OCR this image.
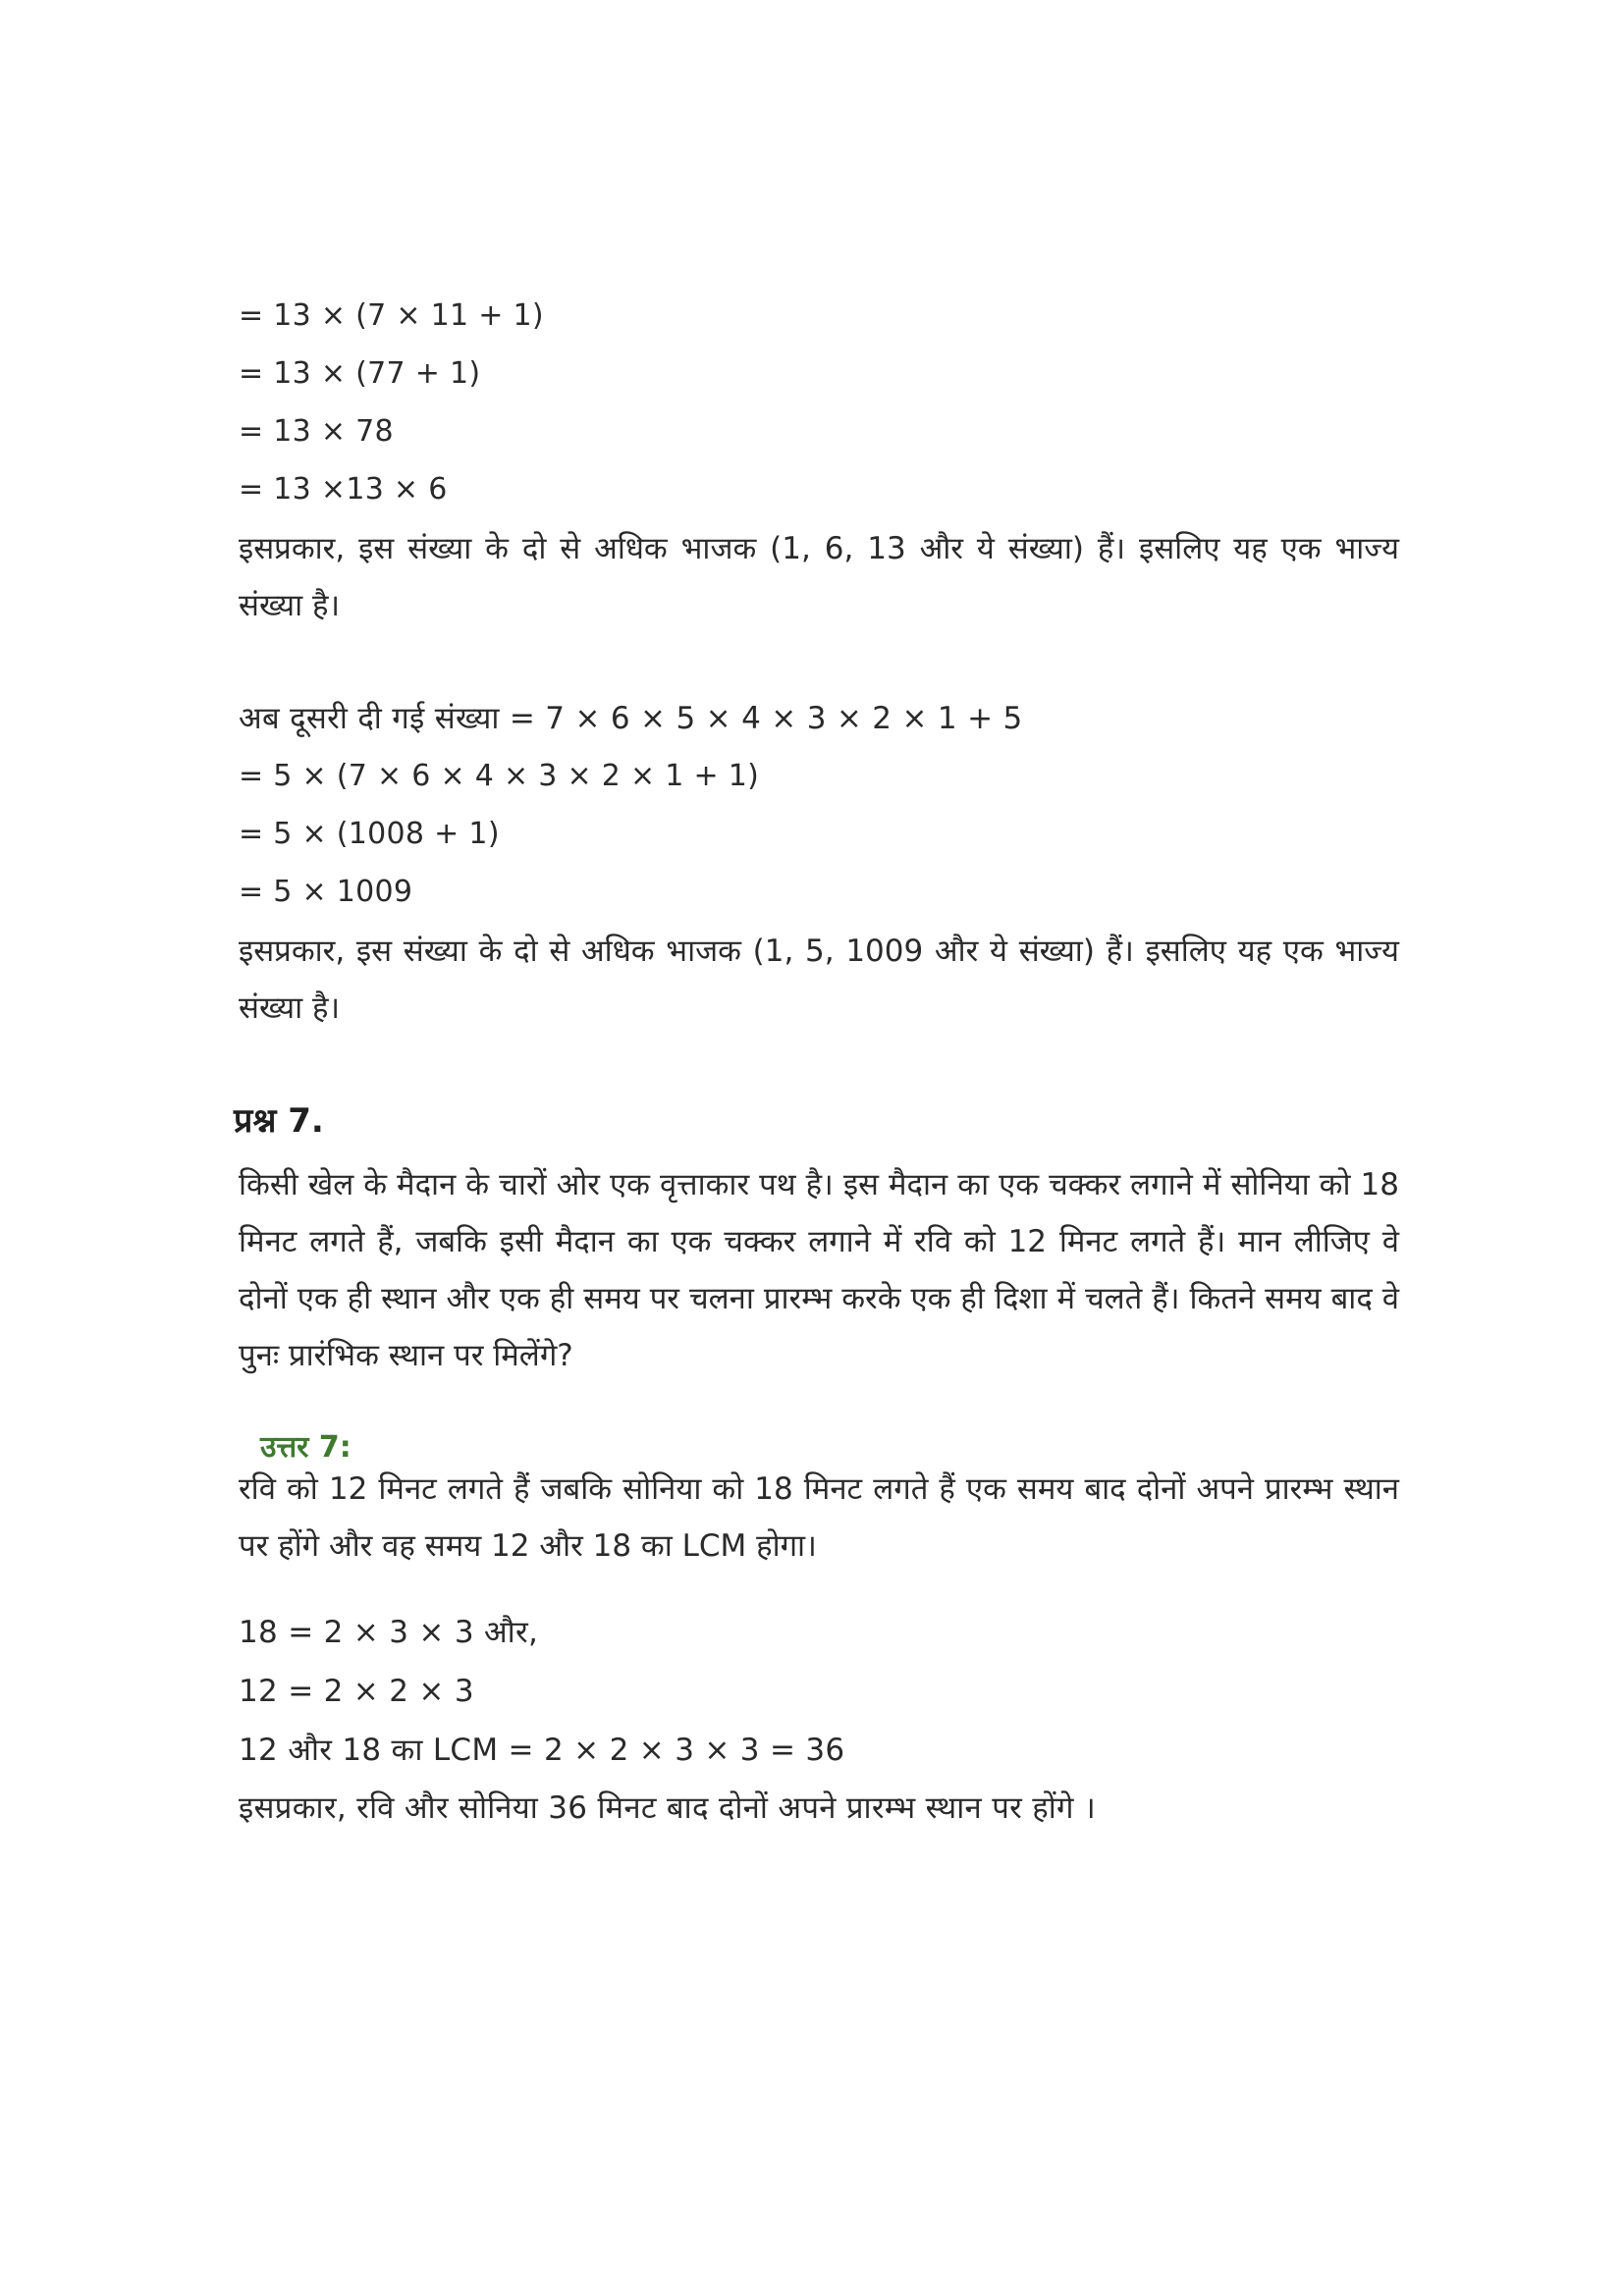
= 13 × (7 × 11 + 1)
= 13 × (77 + 1)
= 13 × 78
= 13 ×13 × 6
इसप्रकार, इस संख्या के दो से अधिक भाजक (1, 6, 13 और ये संख्या) हैं। इसलिए यह एक भाज्य संख्या है।
अब दूसरी दी गई संख्या = 7 × 6 × 5 × 4 × 3 × 2 × 1 + 5
= 5 × (7 × 6 × 4 × 3 × 2 × 1 + 1)
= 5 × (1008 + 1)
= 5 × 1009
इसप्रकार, इस संख्या के दो से अधिक भाजक (1, 5, 1009 और ये संख्या) हैं। इसलिए यह एक भाज्य संख्या है।
प्रश्न 7.
किसी खेल के मैदान के चारों ओर एक वृत्ताकार पथ है। इस मैदान का एक चक्कर लगाने में सोनिया को 18 मिनट लगते हैं, जबकि इसी मैदान का एक चक्कर लगाने में रवि को 12 मिनट लगते हैं। मान लीजिए वे दोनों एक ही स्थान और एक ही समय पर चलना प्रारम्भ करके एक ही दिशा में चलते हैं। कितने समय बाद वे पुनः प्रारंभिक स्थान पर मिलेंगे?
उत्तर 7:
रवि को 12 मिनट लगते हैं जबकि सोनिया को 18 मिनट लगते हैं एक समय बाद दोनों अपने प्रारम्भ स्थान पर होंगे और वह समय 12 और 18 का LCM होगा।
18 = 2 × 3 × 3 और,
12 = 2 × 2 × 3
12 और 18 का LCM = 2 × 2 × 3 × 3 = 36
इसप्रकार, रवि और सोनिया 36 मिनट बाद दोनों अपने प्रारम्भ स्थान पर होंगे ।
